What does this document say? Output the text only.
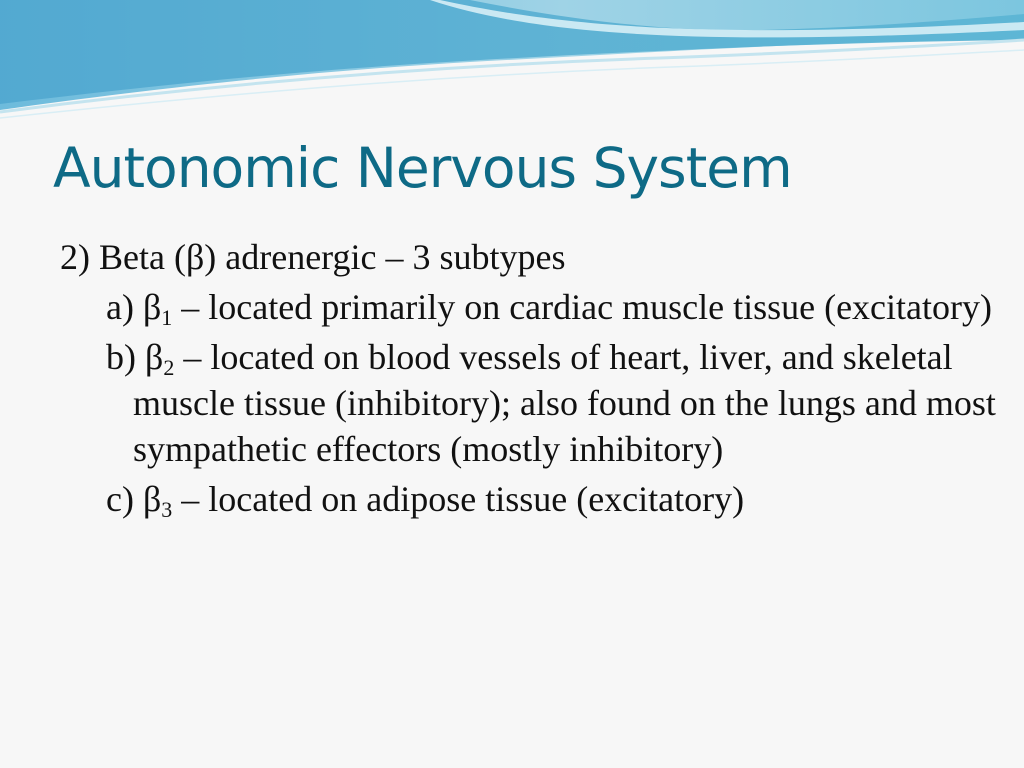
Autonomic Nervous System

2) Beta (β) adrenergic – 3 subtypes

a) $\beta_1$ – located primarily on cardiac muscle tissue (excitatory)

b) $\beta_2$ – located on blood vessels of heart, liver, and skeletal muscle tissue (inhibitory); also found on the lungs and most sympathetic effectors (mostly inhibitory)

c) $\beta_3$ – located on adipose tissue (excitatory)
